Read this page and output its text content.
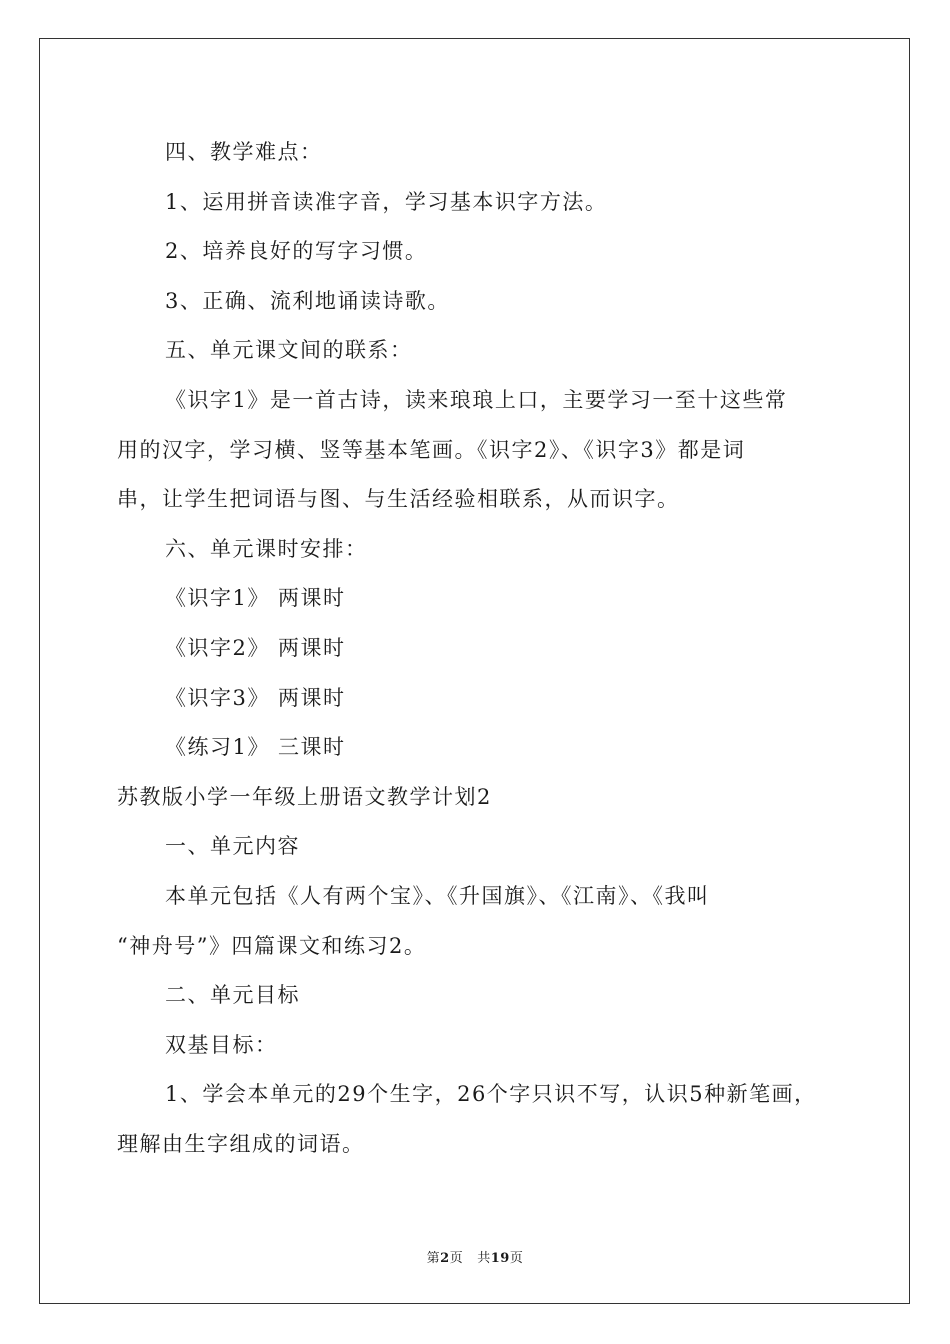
四、教学难点：

1、运用拼音读准字音，学习基本识字方法。

2、培养良好的写字习惯。

3、正确、流利地诵读诗歌。

五、单元课文间的联系：

《识字1》是一首古诗，读来琅琅上口，主要学习一至十这些常

用的汉字，学习横、竖等基本笔画。《识字2》、《识字3》都是词

串，让学生把词语与图、与生活经验相联系，从而识字。

六、单元课时安排：

《识字1》 两课时

《识字2》 两课时

《识字3》 两课时

《练习1》 三课时

苏教版小学一年级上册语文教学计划2

一、单元内容

本单元包括《人有两个宝》、《升国旗》、《江南》、《我叫

“神舟号”》四篇课文和练习2。

二、单元目标

双基目标：

1、学会本单元的29个生字，26个字只识不写，认识5种新笔画，

理解由生字组成的词语。

第2页 共19页
